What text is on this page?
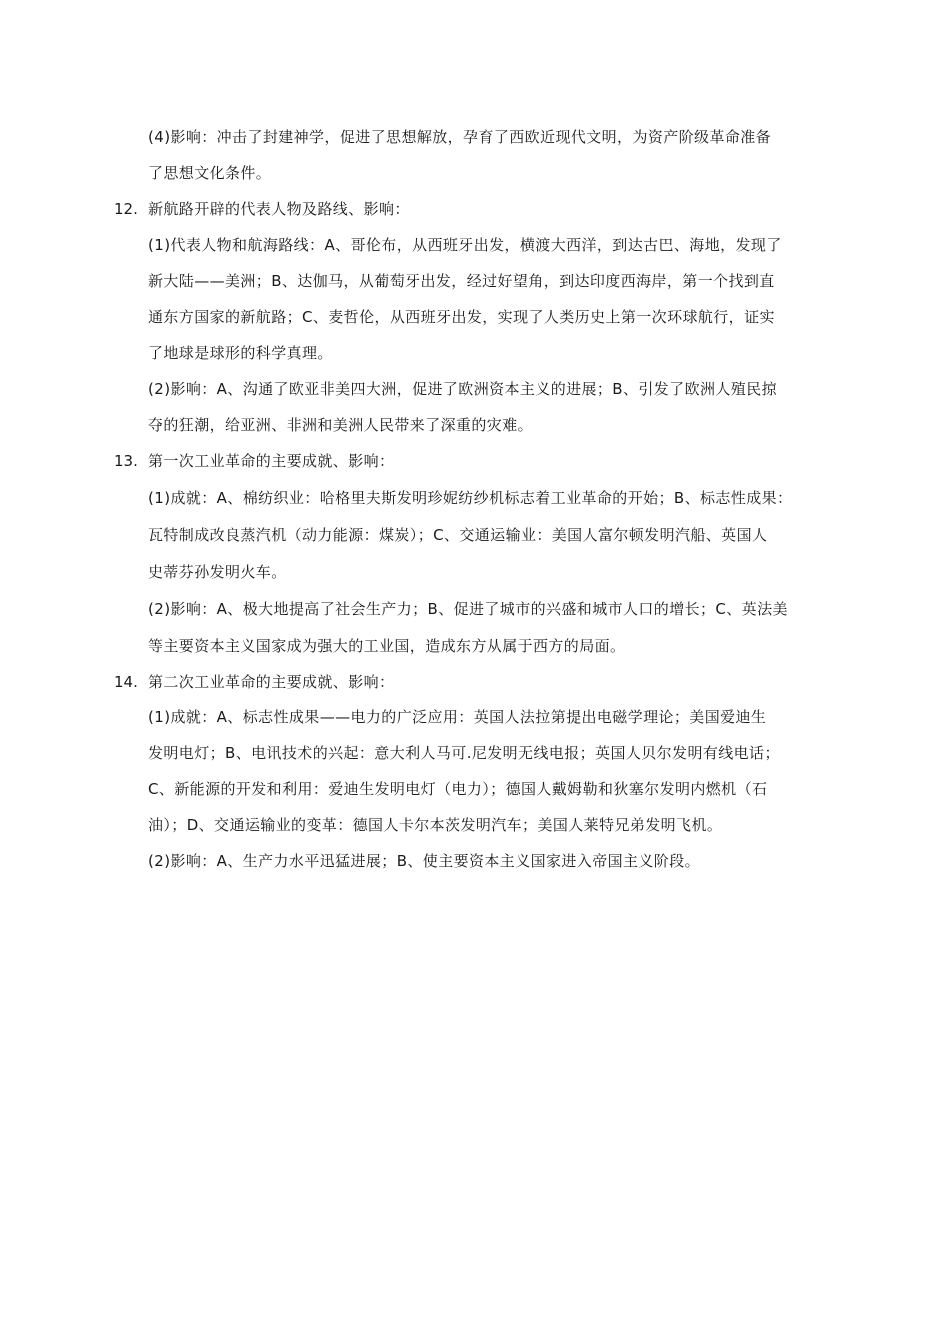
(4)影响：冲击了封建神学，促进了思想解放，孕育了西欧近现代文明，为资产阶级革命准备
了思想文化条件。
12. 新航路开辟的代表人物及路线、影响：
(1)代表人物和航海路线：A、哥伦布，从西班牙出发，横渡大西洋，到达古巴、海地，发现了
新大陆——美洲；B、达伽马，从葡萄牙出发，经过好望角，到达印度西海岸，第一个找到直
通东方国家的新航路；C、麦哲伦，从西班牙出发，实现了人类历史上第一次环球航行，证实
了地球是球形的科学真理。
(2)影响：A、沟通了欧亚非美四大洲，促进了欧洲资本主义的进展；B、引发了欧洲人殖民掠
夺的狂潮，给亚洲、非洲和美洲人民带来了深重的灾难。
13. 第一次工业革命的主要成就、影响：
(1)成就：A、棉纺织业：哈格里夫斯发明珍妮纺纱机标志着工业革命的开始；B、标志性成果：
瓦特制成改良蒸汽机（动力能源：煤炭）；C、交通运输业：美国人富尔顿发明汽船、英国人
史蒂芬孙发明火车。
(2)影响：A、极大地提高了社会生产力；B、促进了城市的兴盛和城市人口的增长；C、英法美
等主要资本主义国家成为强大的工业国，造成东方从属于西方的局面。
14. 第二次工业革命的主要成就、影响：
(1)成就：A、标志性成果——电力的广泛应用：英国人法拉第提出电磁学理论；美国爱迪生
发明电灯；B、电讯技术的兴起：意大利人马可.尼发明无线电报；英国人贝尔发明有线电话；
C、新能源的开发和利用：爱迪生发明电灯（电力）；德国人戴姆勒和狄塞尔发明内燃机（石
油）；D、交通运输业的变革：德国人卡尔本茨发明汽车；美国人莱特兄弟发明飞机。
(2)影响：A、生产力水平迅猛进展；B、使主要资本主义国家进入帝国主义阶段。
